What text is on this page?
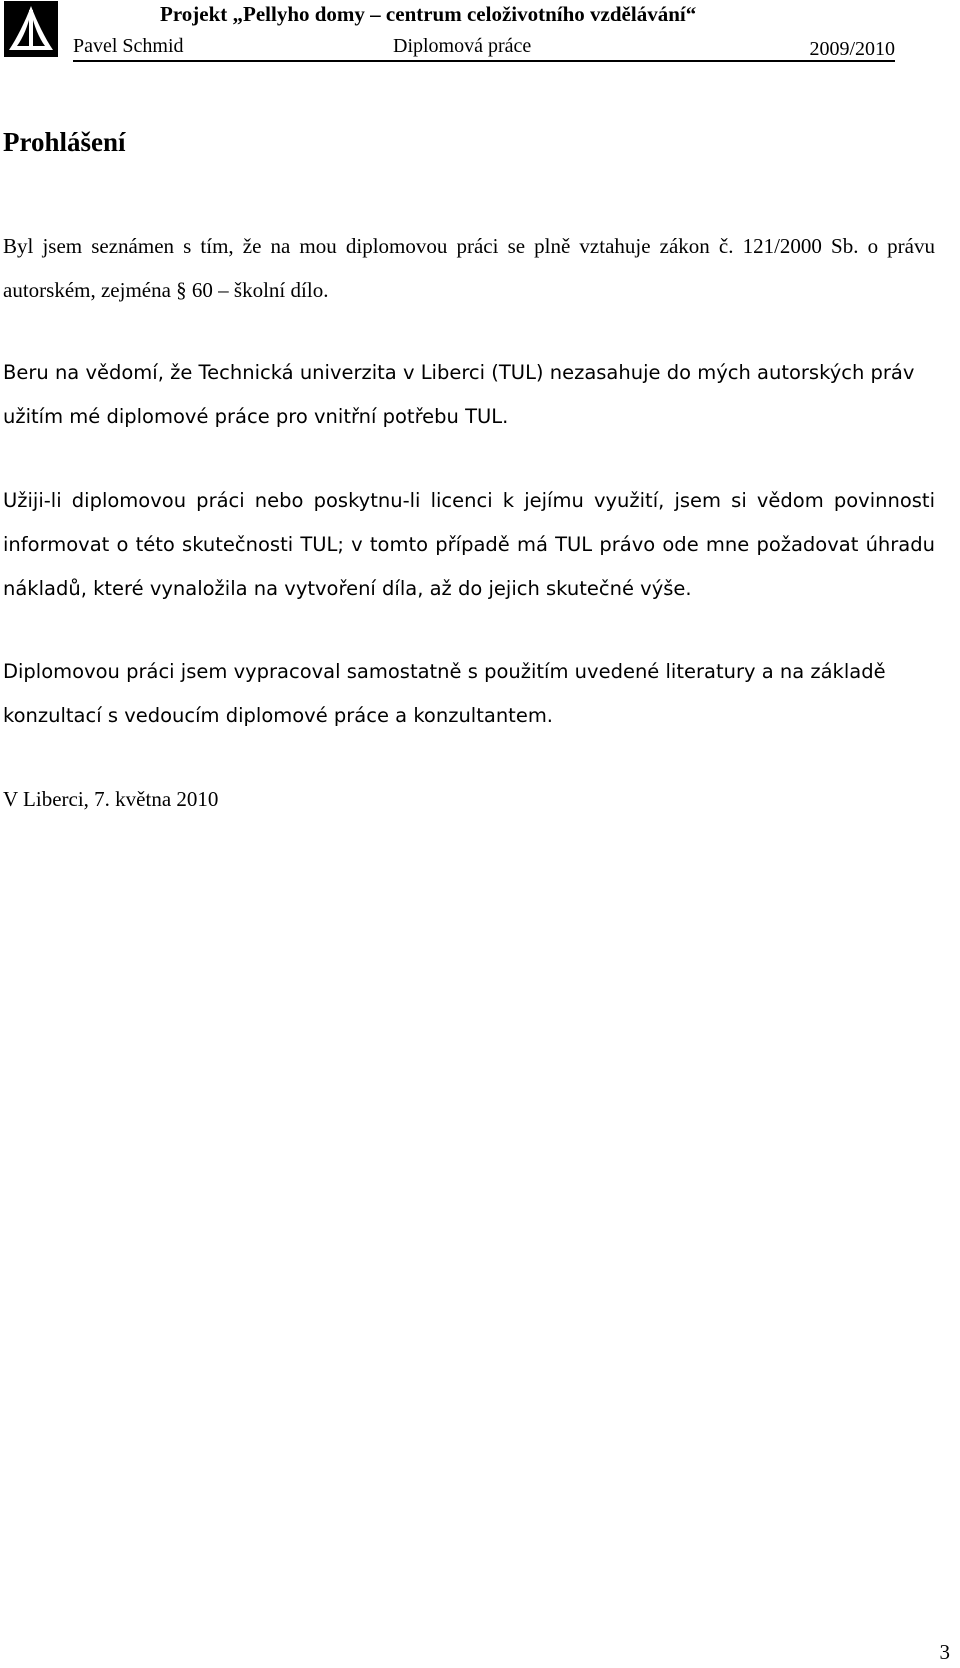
Projekt „Pellyho domy – centrum celoživotního vzdělávání“
Pavel Schmid	Diplomová práce	2009/2010
Prohlášení

Byl jsem seznámen s tím, že na mou diplomovou práci se plně vztahuje zákon č. 121/2000 Sb. o právu autorském, zejména § 60 – školní dílo.

Beru na vědomí, že Technická univerzita v Liberci (TUL) nezasahuje do mých autorských práv užitím mé diplomové práce pro vnitřní potřebu TUL.

Užiji-li diplomovou práci nebo poskytnu-li licenci k jejímu využití, jsem si vědom povinnosti informovat o této skutečnosti TUL; v tomto případě má TUL právo ode mne požadovat úhradu nákladů, které vynaložila na vytvoření díla, až do jejich skutečné výše.

Diplomovou práci jsem vypracoval samostatně s použitím uvedené literatury a na základě konzultací s vedoucím diplomové práce a konzultantem.

V Liberci, 7. května 2010

3
